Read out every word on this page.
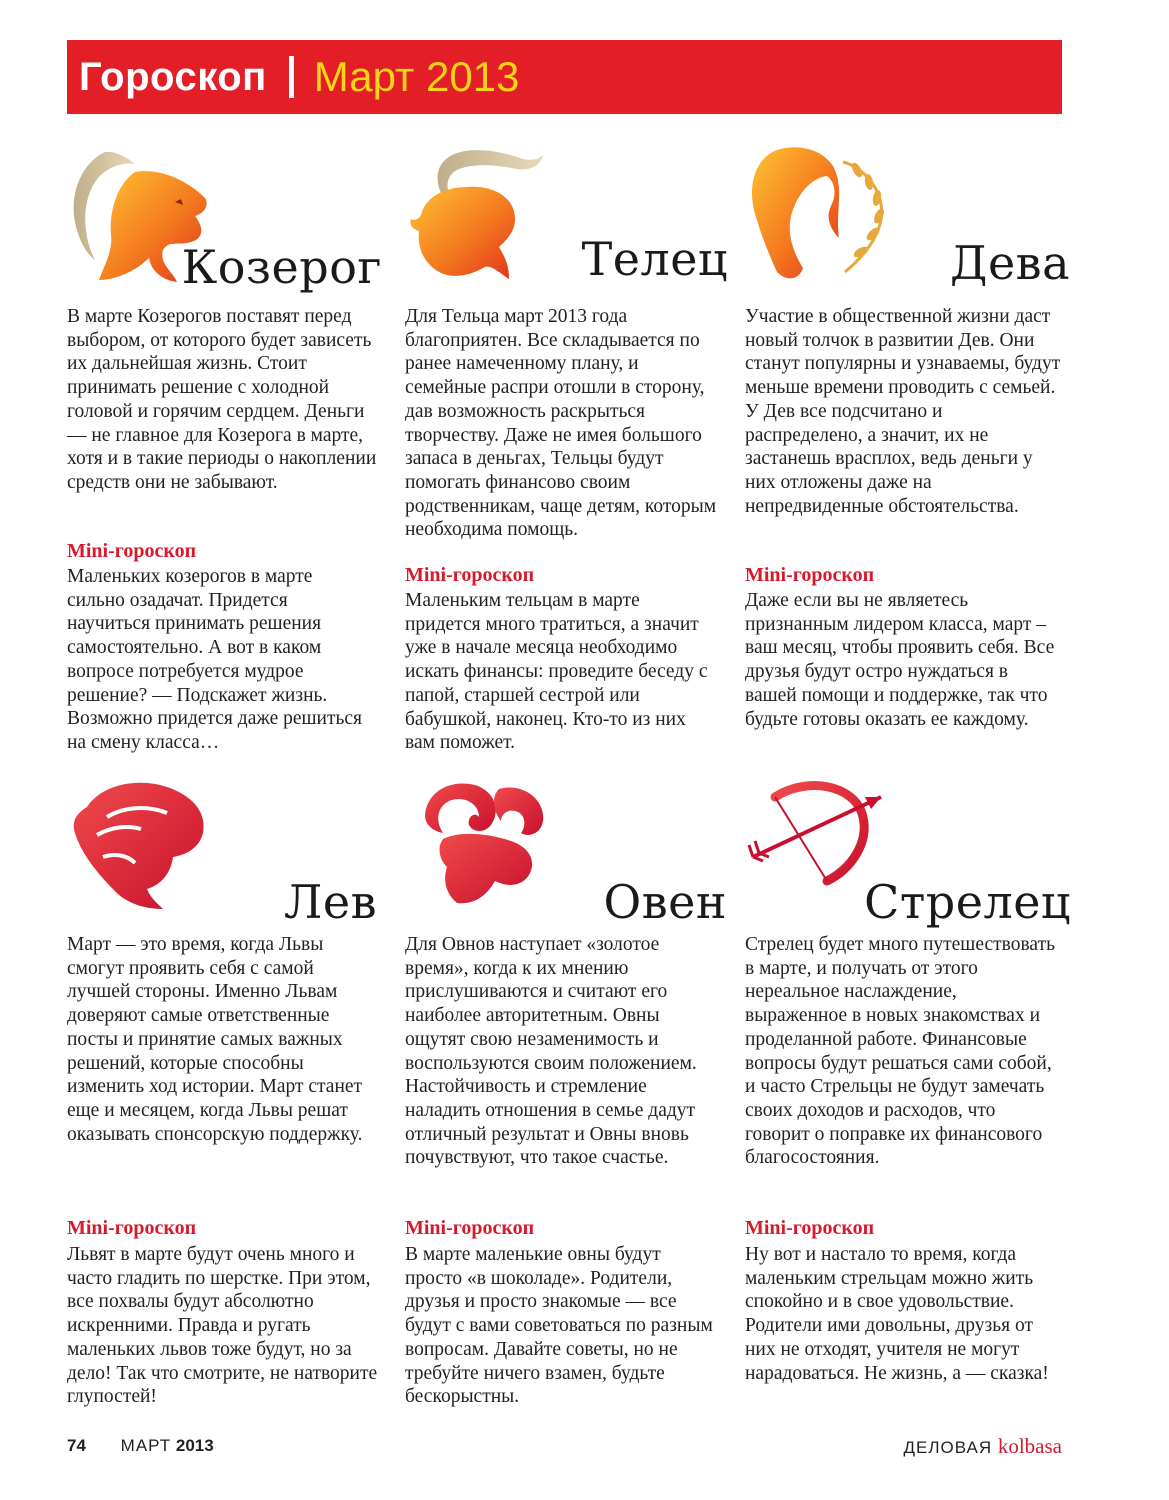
Гороскоп Март 2013
Козерог
В марте Козерогов поставят перед выбором, от которого будет зависеть их дальнейшая жизнь. Стоит принимать решение с холодной головой и горячим сердцем. Деньги — не главное для Козерога в марте, хотя и в такие периоды о накоплении средств они не забывают.
Mini-гороскоп
Маленьких козерогов в марте сильно озадачат. Придется научиться принимать решения самостоятельно. А вот в каком вопросе потребуется мудрое решение? — Подскажет жизнь. Возможно придется даже решиться на смену класса…
Телец
Для Тельца март 2013 года благоприятен. Все складывается по ранее намеченному плану, и семейные распри отошли в сторону, дав возможность раскрыться творчеству. Даже не имея большого запаса в деньгах, Тельцы будут помогать финансово своим родственникам, чаще детям, которым необходима помощь.
Mini-гороскоп
Маленьким тельцам в марте придется много тратиться, а значит уже в начале месяца необходимо искать финансы: проведите беседу с папой, старшей сестрой или бабушкой, наконец. Кто-то из них вам поможет.
Дева
Участие в общественной жизни даст новый толчок в развитии Дев. Они станут популярны и узнаваемы, будут меньше времени проводить с семьей. У Дев все подсчитано и распределено, а значит, их не застанешь врасплох, ведь деньги у них отложены даже на непредвиденные обстоятельства.
Mini-гороскоп
Даже если вы не являетесь признанным лидером класса, март – ваш месяц, чтобы проявить себя. Все друзья будут остро нуждаться в вашей помощи и поддержке, так что будьте готовы оказать ее каждому.
Лев
Март — это время, когда Львы смогут проявить себя с самой лучшей стороны. Именно Львам доверяют самые ответственные посты и принятие самых важных решений, которые способны изменить ход истории. Март станет еще и месяцем, когда Львы решат оказывать спонсорскую поддержку.
Mini-гороскоп
Львят в марте будут очень много и часто гладить по шерстке. При этом, все похвалы будут абсолютно искренними. Правда и ругать маленьких львов тоже будут, но за дело! Так что смотрите, не натворите глупостей!
Овен
Для Овнов наступает «золотое время», когда к их мнению прислушиваются и считают его наиболее авторитетным. Овны ощутят свою незаменимость и воспользуются своим положением. Настойчивость и стремление наладить отношения в семье дадут отличный результат и Овны вновь почувствуют, что такое счастье.
Mini-гороскоп
В марте маленькие овны будут просто «в шоколаде». Родители, друзья и просто знакомые — все будут с вами советоваться по разным вопросам. Давайте советы, но не требуйте ничего взамен, будьте бескорыстны.
Стрелец
Стрелец будет много путешествовать в марте, и получать от этого нереальное наслаждение, выраженное в новых знакомствах и проделанной работе. Финансовые вопросы будут решаться сами собой, и часто Стрельцы не будут замечать своих доходов и расходов, что говорит о поправке их финансового благосостояния.
Mini-гороскоп
Ну вот и настало то время, когда маленьким стрельцам можно жить спокойно и в свое удовольствие. Родители ими довольны, друзья от них не отходят, учителя не могут нарадоваться. Не жизнь, а — сказка!
74 МАРТ 2013	ДЕЛОВАЯ kolbasa
